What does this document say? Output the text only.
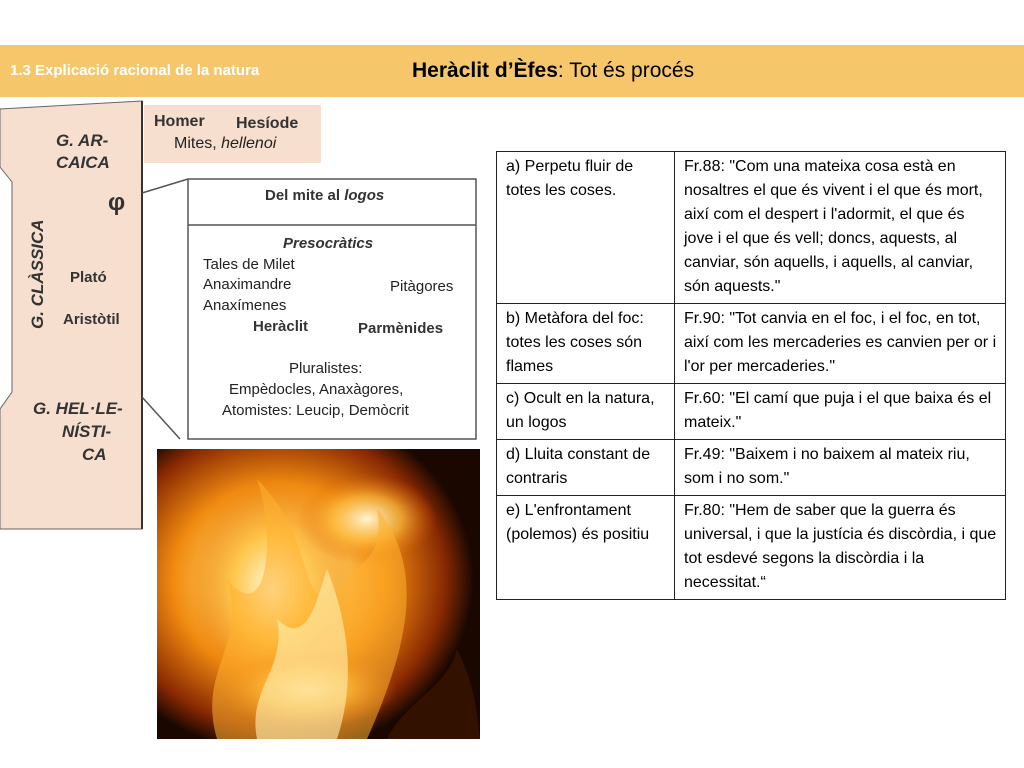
1.3 Explicació racional de la natura	Heràclit d’Èfes: Tot és procés
G. AR-
CAICA
G. CLÀSSICA
φ
Plató
Aristòtil
G. HEL·LE-
NÍSTI-
CA
Homer Hesíode
Mites, hellenoi
Del mite al logos
Presocràtics
Tales de Milet
Anaximandre	Pitàgores
Anaxímenes
Heràclit	Parmènides
Pluralistes:
Empèdocles, Anaxàgores,
Atomistes: Leucip, Demòcrit
a) Perpetu fluir de totes les coses.	Fr.88: "Com una mateixa cosa està en nosaltres el que és vivent i el que és mort, així com el despert i l'adormit, el que és jove i el que és vell; doncs, aquests, al canviar, són aquells, i aquells, al canviar, són aquests."
b) Metàfora del foc: totes les coses són flames	Fr.90: "Tot canvia en el foc, i el foc, en tot, així com les mercaderies es canvien per or i l'or per mercaderies."
c) Ocult en la natura, un logos	Fr.60: "El camí que puja i el que baixa és el mateix."
d) Lluita constant de contraris	Fr.49: "Baixem i no baixem al mateix riu, som i no som."
e) L'enfrontament (polemos) és positiu	Fr.80: "Hem de saber que la guerra és universal, i que la justícia és discòrdia, i que tot esdevé segons la discòrdia i la necessitat.“
